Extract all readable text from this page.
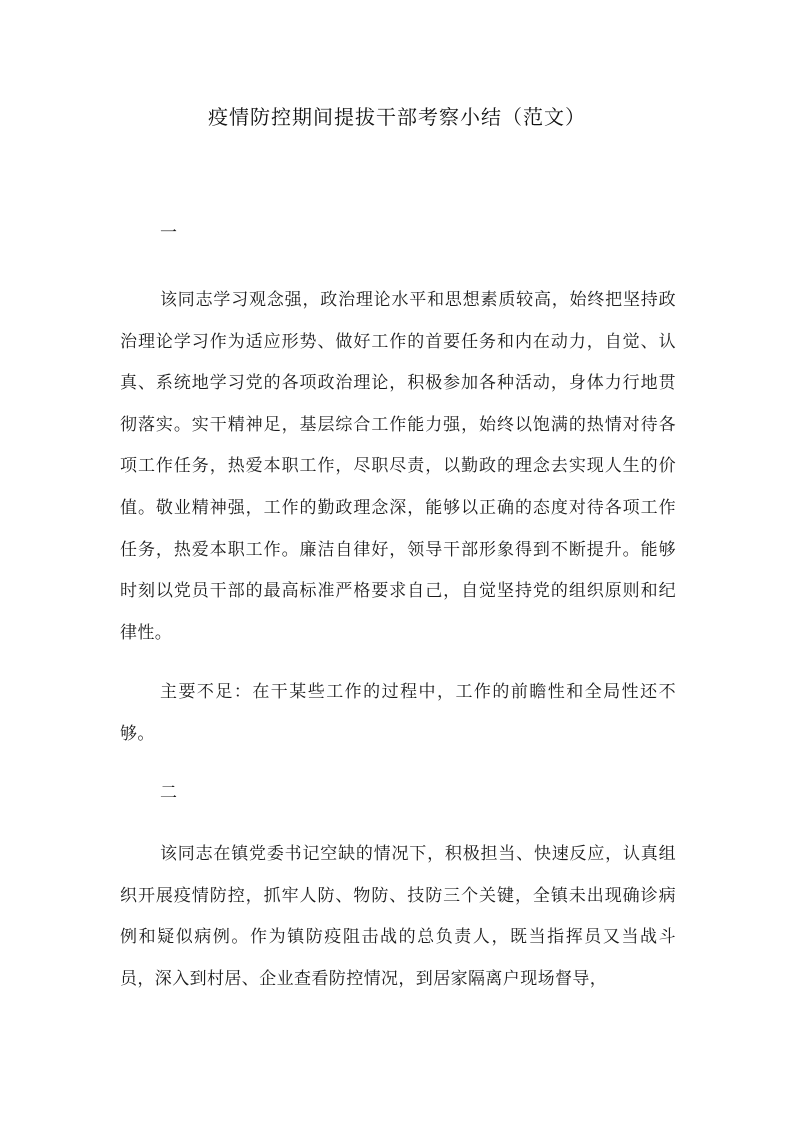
疫情防控期间提拔干部考察小结（范文）
一
该同志学习观念强，政治理论水平和思想素质较高，始终把坚持政治理论学习作为适应形势、做好工作的首要任务和内在动力，自觉、认真、系统地学习党的各项政治理论，积极参加各种活动，身体力行地贯彻落实。实干精神足，基层综合工作能力强，始终以饱满的热情对待各项工作任务，热爱本职工作，尽职尽责，以勤政的理念去实现人生的价值。敬业精神强，工作的勤政理念深，能够以正确的态度对待各项工作任务，热爱本职工作。廉洁自律好，领导干部形象得到不断提升。能够时刻以党员干部的最高标准严格要求自己，自觉坚持党的组织原则和纪律性。
主要不足：在干某些工作的过程中，工作的前瞻性和全局性还不够。
二
该同志在镇党委书记空缺的情况下，积极担当、快速反应，认真组织开展疫情防控，抓牢人防、物防、技防三个关键，全镇未出现确诊病例和疑似病例。作为镇防疫阻击战的总负责人，既当指挥员又当战斗员，深入到村居、企业查看防控情况，到居家隔离户现场督导，
